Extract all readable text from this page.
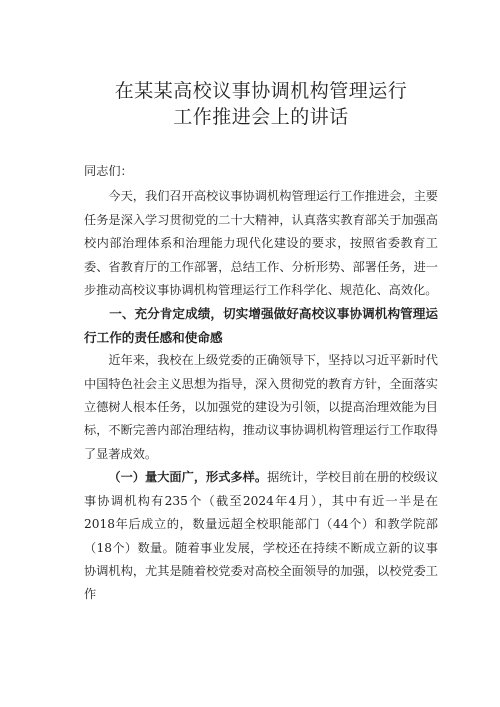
在某某高校议事协调机构管理运行
工作推进会上的讲话

同志们：

今天，我们召开高校议事协调机构管理运行工作推进会，主要任务是深入学习贯彻党的二十大精神，认真落实教育部关于加强高校内部治理体系和治理能力现代化建设的要求，按照省委教育工委、省教育厅的工作部署，总结工作、分析形势、部署任务，进一步推动高校议事协调机构管理运行工作科学化、规范化、高效化。

一、充分肯定成绩，切实增强做好高校议事协调机构管理运行工作的责任感和使命感

近年来，我校在上级党委的正确领导下，坚持以习近平新时代中国特色社会主义思想为指导，深入贯彻党的教育方针，全面落实立德树人根本任务，以加强党的建设为引领，以提高治理效能为目标，不断完善内部治理结构，推动议事协调机构管理运行工作取得了显著成效。

（一）量大面广，形式多样。据统计，学校目前在册的校级议事协调机构有235个（截至2024年4月），其中有近一半是在2018年后成立的，数量远超全校职能部门（44个）和教学院部（18个）数量。随着事业发展，学校还在持续不断成立新的议事协调机构，尤其是随着校党委对高校全面领导的加强，以校党委工作
